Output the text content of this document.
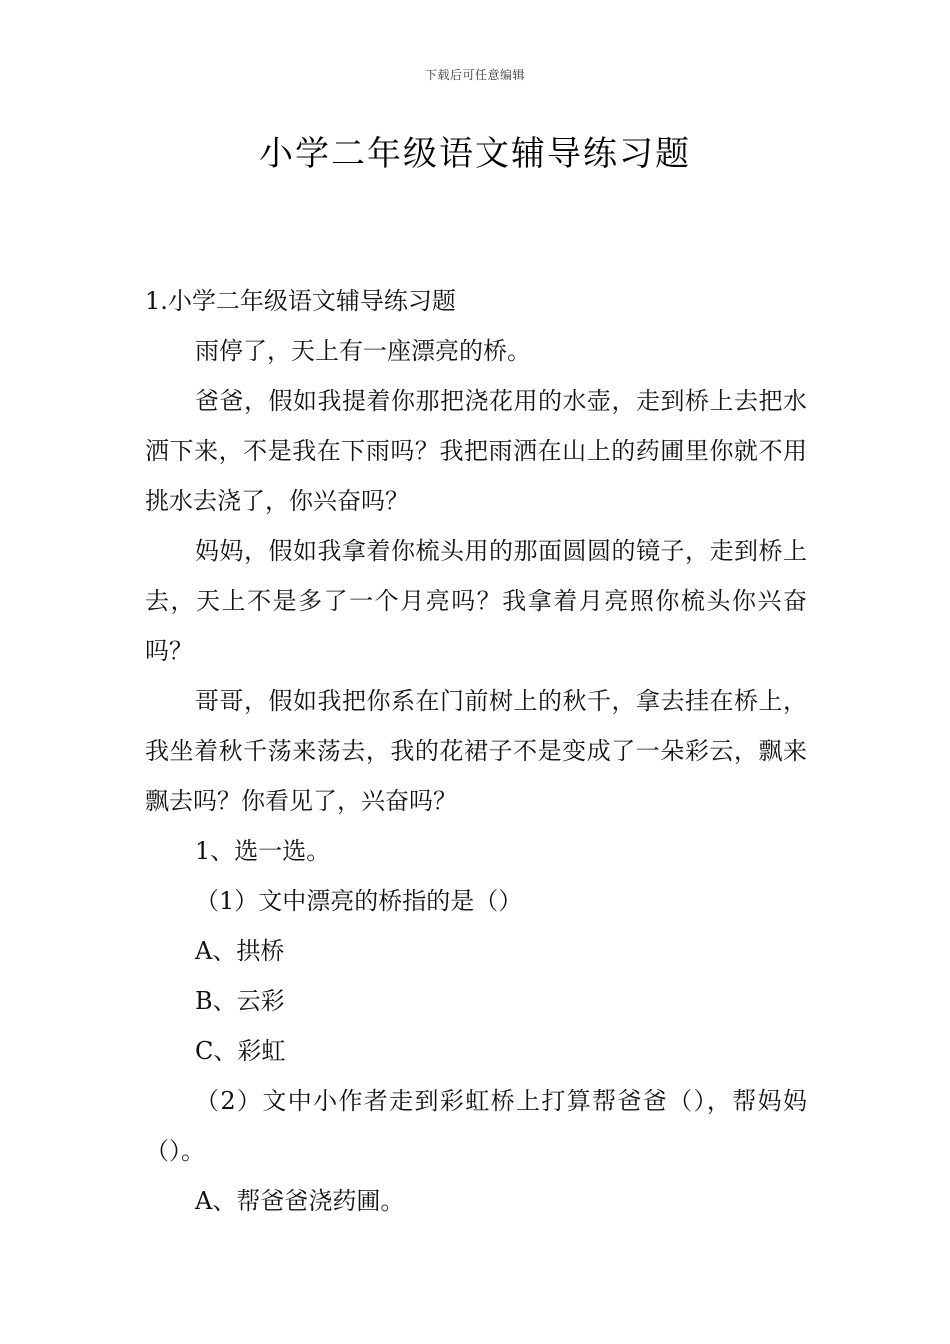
下载后可任意编辑
小学二年级语文辅导练习题

1.小学二年级语文辅导练习题

雨停了，天上有一座漂亮的桥。

爸爸，假如我提着你那把浇花用的水壶，走到桥上去把水洒下来，不是我在下雨吗？我把雨洒在山上的药圃里你就不用挑水去浇了，你兴奋吗？

妈妈，假如我拿着你梳头用的那面圆圆的镜子，走到桥上去，天上不是多了一个月亮吗？我拿着月亮照你梳头你兴奋吗？

哥哥，假如我把你系在门前树上的秋千，拿去挂在桥上，我坐着秋千荡来荡去，我的花裙子不是变成了一朵彩云，飘来飘去吗？你看见了，兴奋吗？

1、选一选。

（1）文中漂亮的桥指的是（）

A、拱桥

B、云彩

C、彩虹

（2）文中小作者走到彩虹桥上打算帮爸爸（），帮妈妈（）。

A、帮爸爸浇药圃。
